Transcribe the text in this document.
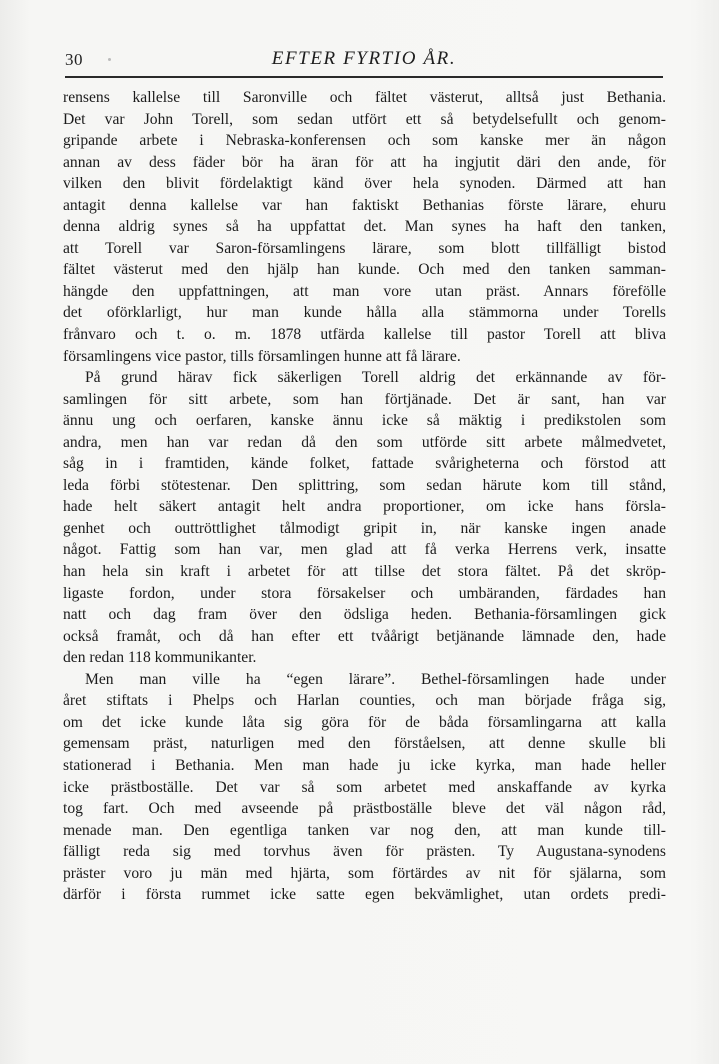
30	EFTER FYRTIO ÅR.
rensens kallelse till Saronville och fältet västerut, alltså just Bethania.
Det var John Torell, som sedan utfört ett så betydelsefullt och genom-
gripande arbete i Nebraska-konferensen och som kanske mer än någon
annan av dess fäder bör ha äran för att ha ingjutit däri den ande, för
vilken den blivit fördelaktigt känd över hela synoden. Därmed att han
antagit denna kallelse var han faktiskt Bethanias förste lärare, ehuru
denna aldrig synes så ha uppfattat det. Man synes ha haft den tanken,
att Torell var Saron-församlingens lärare, som blott tillfälligt bistod
fältet västerut med den hjälp han kunde. Och med den tanken samman-
hängde den uppfattningen, att man vore utan präst. Annars förefölle
det oförklarligt, hur man kunde hålla alla stämmorna under Torells
frånvaro och t. o. m. 1878 utfärda kallelse till pastor Torell att bliva
församlingens vice pastor, tills församlingen hunne att få lärare.
På grund härav fick säkerligen Torell aldrig det erkännande av för-
samlingen för sitt arbete, som han förtjänade. Det är sant, han var
ännu ung och oerfaren, kanske ännu icke så mäktig i predikstolen som
andra, men han var redan då den som utförde sitt arbete målmedvetet,
såg in i framtiden, kände folket, fattade svårigheterna och förstod att
leda förbi stötestenar. Den splittring, som sedan härute kom till stånd,
hade helt säkert antagit helt andra proportioner, om icke hans försla-
genhet och outtröttlighet tålmodigt gripit in, när kanske ingen anade
något. Fattig som han var, men glad att få verka Herrens verk, insatte
han hela sin kraft i arbetet för att tillse det stora fältet. På det skröp-
ligaste fordon, under stora försakelser och umbäranden, färdades han
natt och dag fram över den ödsliga heden. Bethania-församlingen gick
också framåt, och då han efter ett tvåårigt betjänande lämnade den, hade
den redan 118 kommunikanter.
Men man ville ha “egen lärare”. Bethel-församlingen hade under
året stiftats i Phelps och Harlan counties, och man började fråga sig,
om det icke kunde låta sig göra för de båda församlingarna att kalla
gemensam präst, naturligen med den förståelsen, att denne skulle bli
stationerad i Bethania. Men man hade ju icke kyrka, man hade heller
icke prästboställe. Det var så som arbetet med anskaffande av kyrka
tog fart. Och med avseende på prästboställe bleve det väl någon råd,
menade man. Den egentliga tanken var nog den, att man kunde till-
fälligt reda sig med torvhus även för prästen. Ty Augustana-synodens
präster voro ju män med hjärta, som förtärdes av nit för själarna, som
därför i första rummet icke satte egen bekvämlighet, utan ordets predi-
